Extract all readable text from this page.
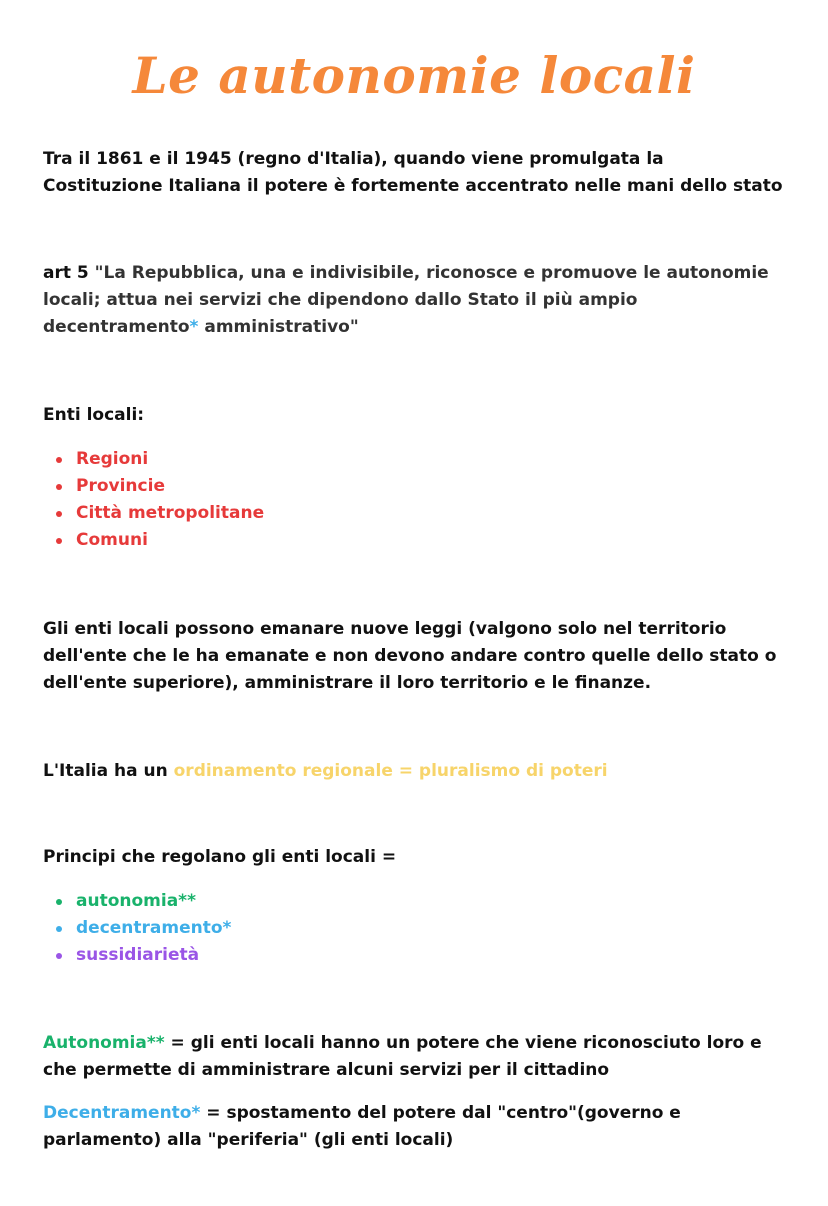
Le autonomie locali

Tra il 1861 e il 1945 (regno d'Italia), quando viene promulgata la Costituzione Italiana il potere è fortemente accentrato nelle mani dello stato

art 5 "La Repubblica, una e indivisibile, riconosce e promuove le autonomie locali; attua nei servizi che dipendono dallo Stato il più ampio decentramento* amministrativo"

Enti locali:

Regioni
Provincie
Città metropolitane
Comuni

Gli enti locali possono emanare nuove leggi (valgono solo nel territorio dell'ente che le ha emanate e non devono andare contro quelle dello stato o dell'ente superiore), amministrare il loro territorio e le finanze.

L'Italia ha un ordinamento regionale = pluralismo di poteri

Principi che regolano gli enti locali =

autonomia**
decentramento*
sussidiarietà

Autonomia** = gli enti locali hanno un potere che viene riconosciuto loro e che permette di amministrare alcuni servizi per il cittadino

Decentramento* = spostamento del potere dal "centro"(governo e parlamento) alla "periferia" (gli enti locali)
